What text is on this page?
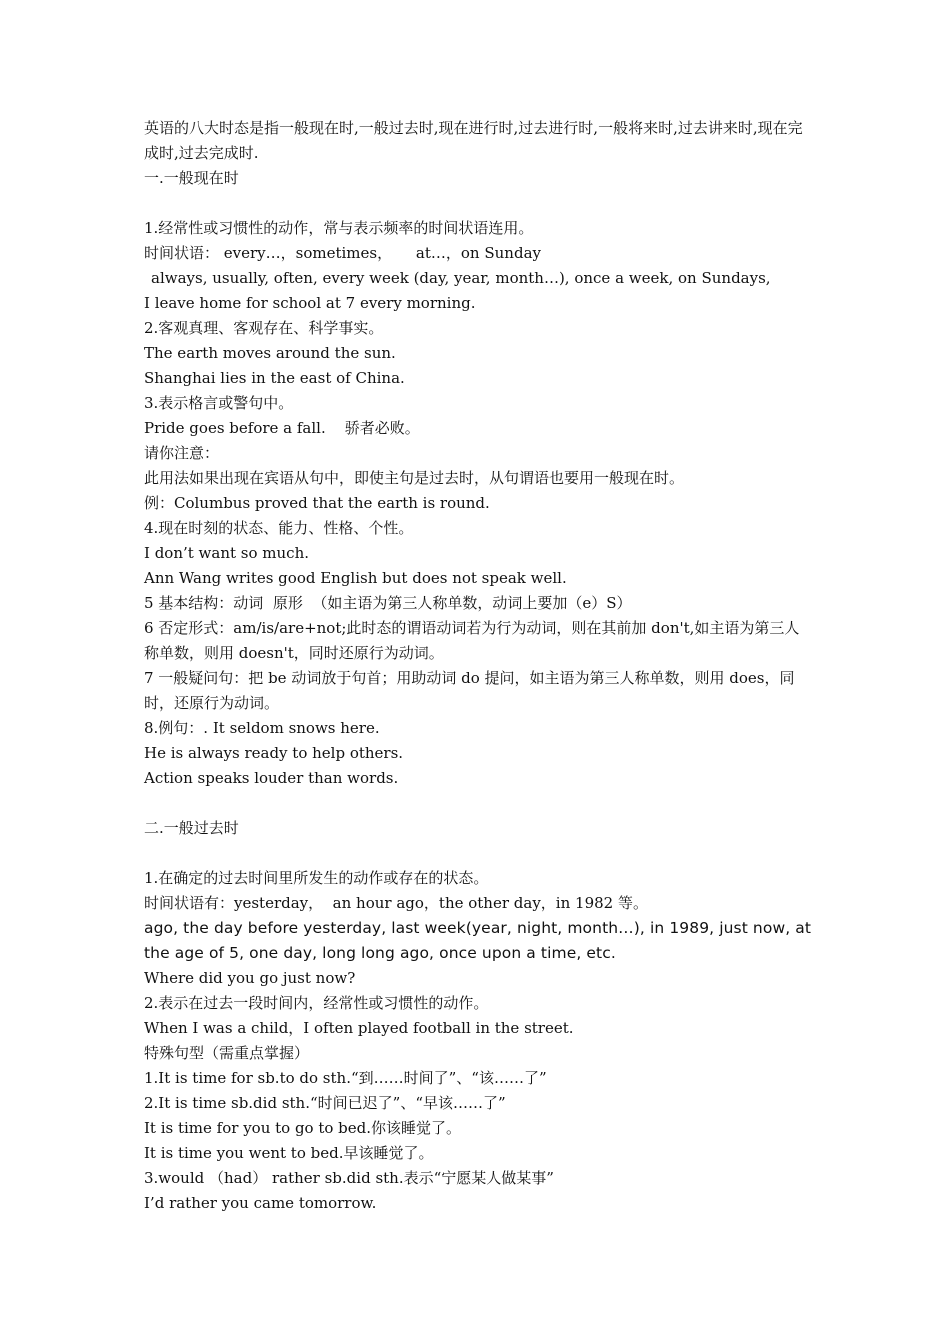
英语的八大时态是指一般现在时,一般过去时,现在进行时,过去进行时,一般将来时,过去讲来时,现在完成时,过去完成时.
一.一般现在时
1.经常性或习惯性的动作，常与表示频率的时间状语连用。
时间状语： every…，sometimes，     at…，on Sunday
always, usually, often, every week (day, year, month…), once a week, on Sundays,
I leave home for school at 7 every morning.
2.客观真理、客观存在、科学事实。
The earth moves around the sun.
Shanghai lies in the east of China.
3.表示格言或警句中。
Pride goes before a fall.    骄者必败。
请你注意：
此用法如果出现在宾语从句中，即使主句是过去时，从句谓语也要用一般现在时。
例：Columbus proved that the earth is round.
4.现在时刻的状态、能力、性格、个性。
I don’t want so much.
Ann Wang writes good English but does not speak well.
5 基本结构：动词  原形  （如主语为第三人称单数，动词上要加（e）S）
6 否定形式：am/is/are+not;此时态的谓语动词若为行为动词，则在其前加 don't,如主语为第三人称单数，则用 doesn't，同时还原行为动词。
7 一般疑问句：把 be 动词放于句首；用助动词 do 提问，如主语为第三人称单数，则用 does，同时，还原行为动词。
8.例句：. It seldom snows here.
He is always ready to help others.
Action speaks louder than words.
二.一般过去时
1.在确定的过去时间里所发生的动作或存在的状态。
时间状语有：yesterday，  an hour ago，the other day，in 1982 等。
ago, the day before yesterday, last week(year, night, month…), in 1989, just now, at the age of 5, one day, long long ago, once upon a time, etc.
Where did you go just now?
2.表示在过去一段时间内，经常性或习惯性的动作。
When I was a child，I often played football in the street.
特殊句型（需重点掌握）
1.It is time for sb.to do sth.“到……时间了”、“该……了”
2.It is time sb.did sth.“时间已迟了”、“早该……了”
It is time for you to go to bed.你该睡觉了。
It is time you went to bed.早该睡觉了。
3.would （had） rather sb.did sth.表示“宁愿某人做某事”
I’d rather you came tomorrow.
